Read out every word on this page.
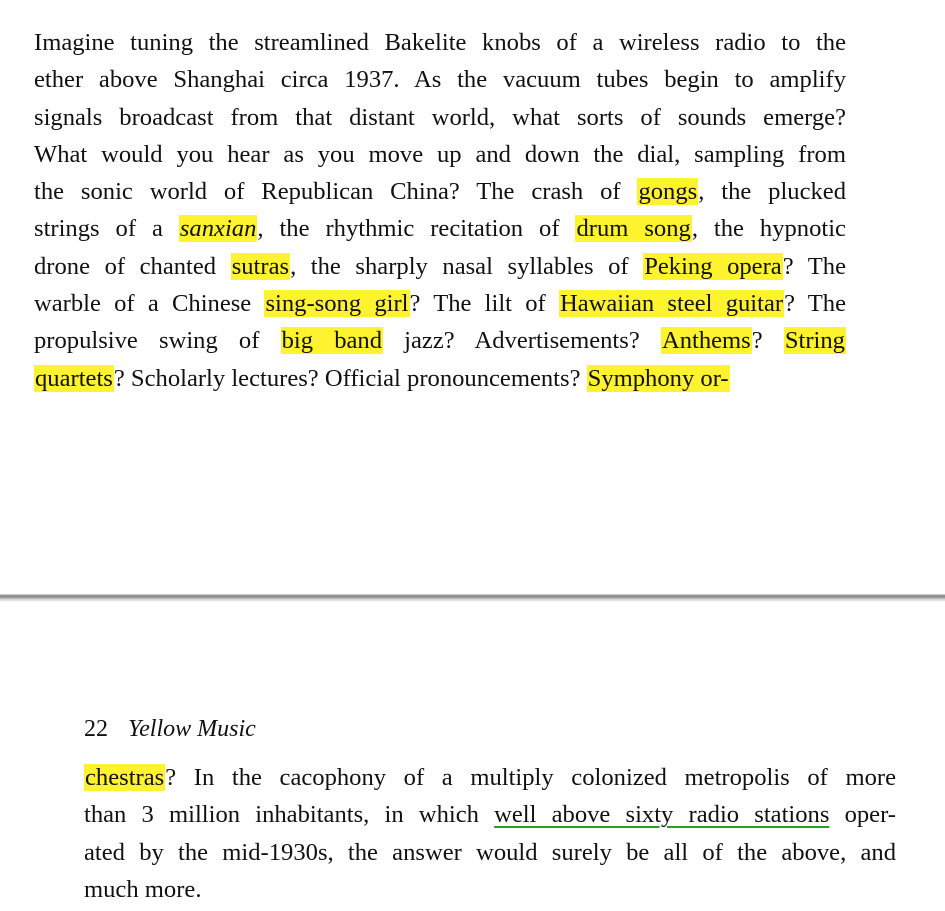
Imagine tuning the streamlined Bakelite knobs of a wireless radio to the
ether above Shanghai circa 1937. As the vacuum tubes begin to amplify
signals broadcast from that distant world, what sorts of sounds emerge?
What would you hear as you move up and down the dial, sampling from
the sonic world of Republican China? The crash of gongs, the plucked
strings of a sanxian, the rhythmic recitation of drum song, the hypnotic
drone of chanted sutras, the sharply nasal syllables of Peking opera? The
warble of a Chinese sing-song girl? The lilt of Hawaiian steel guitar? The
propulsive swing of big band jazz? Advertisements? Anthems? String
quartets? Scholarly lectures? Official pronouncements? Symphony or-
22 Yellow Music
chestras? In the cacophony of a multiply colonized metropolis of more
than 3 million inhabitants, in which well above sixty radio stations oper-
ated by the mid-1930s, the answer would surely be all of the above, and
much more.
